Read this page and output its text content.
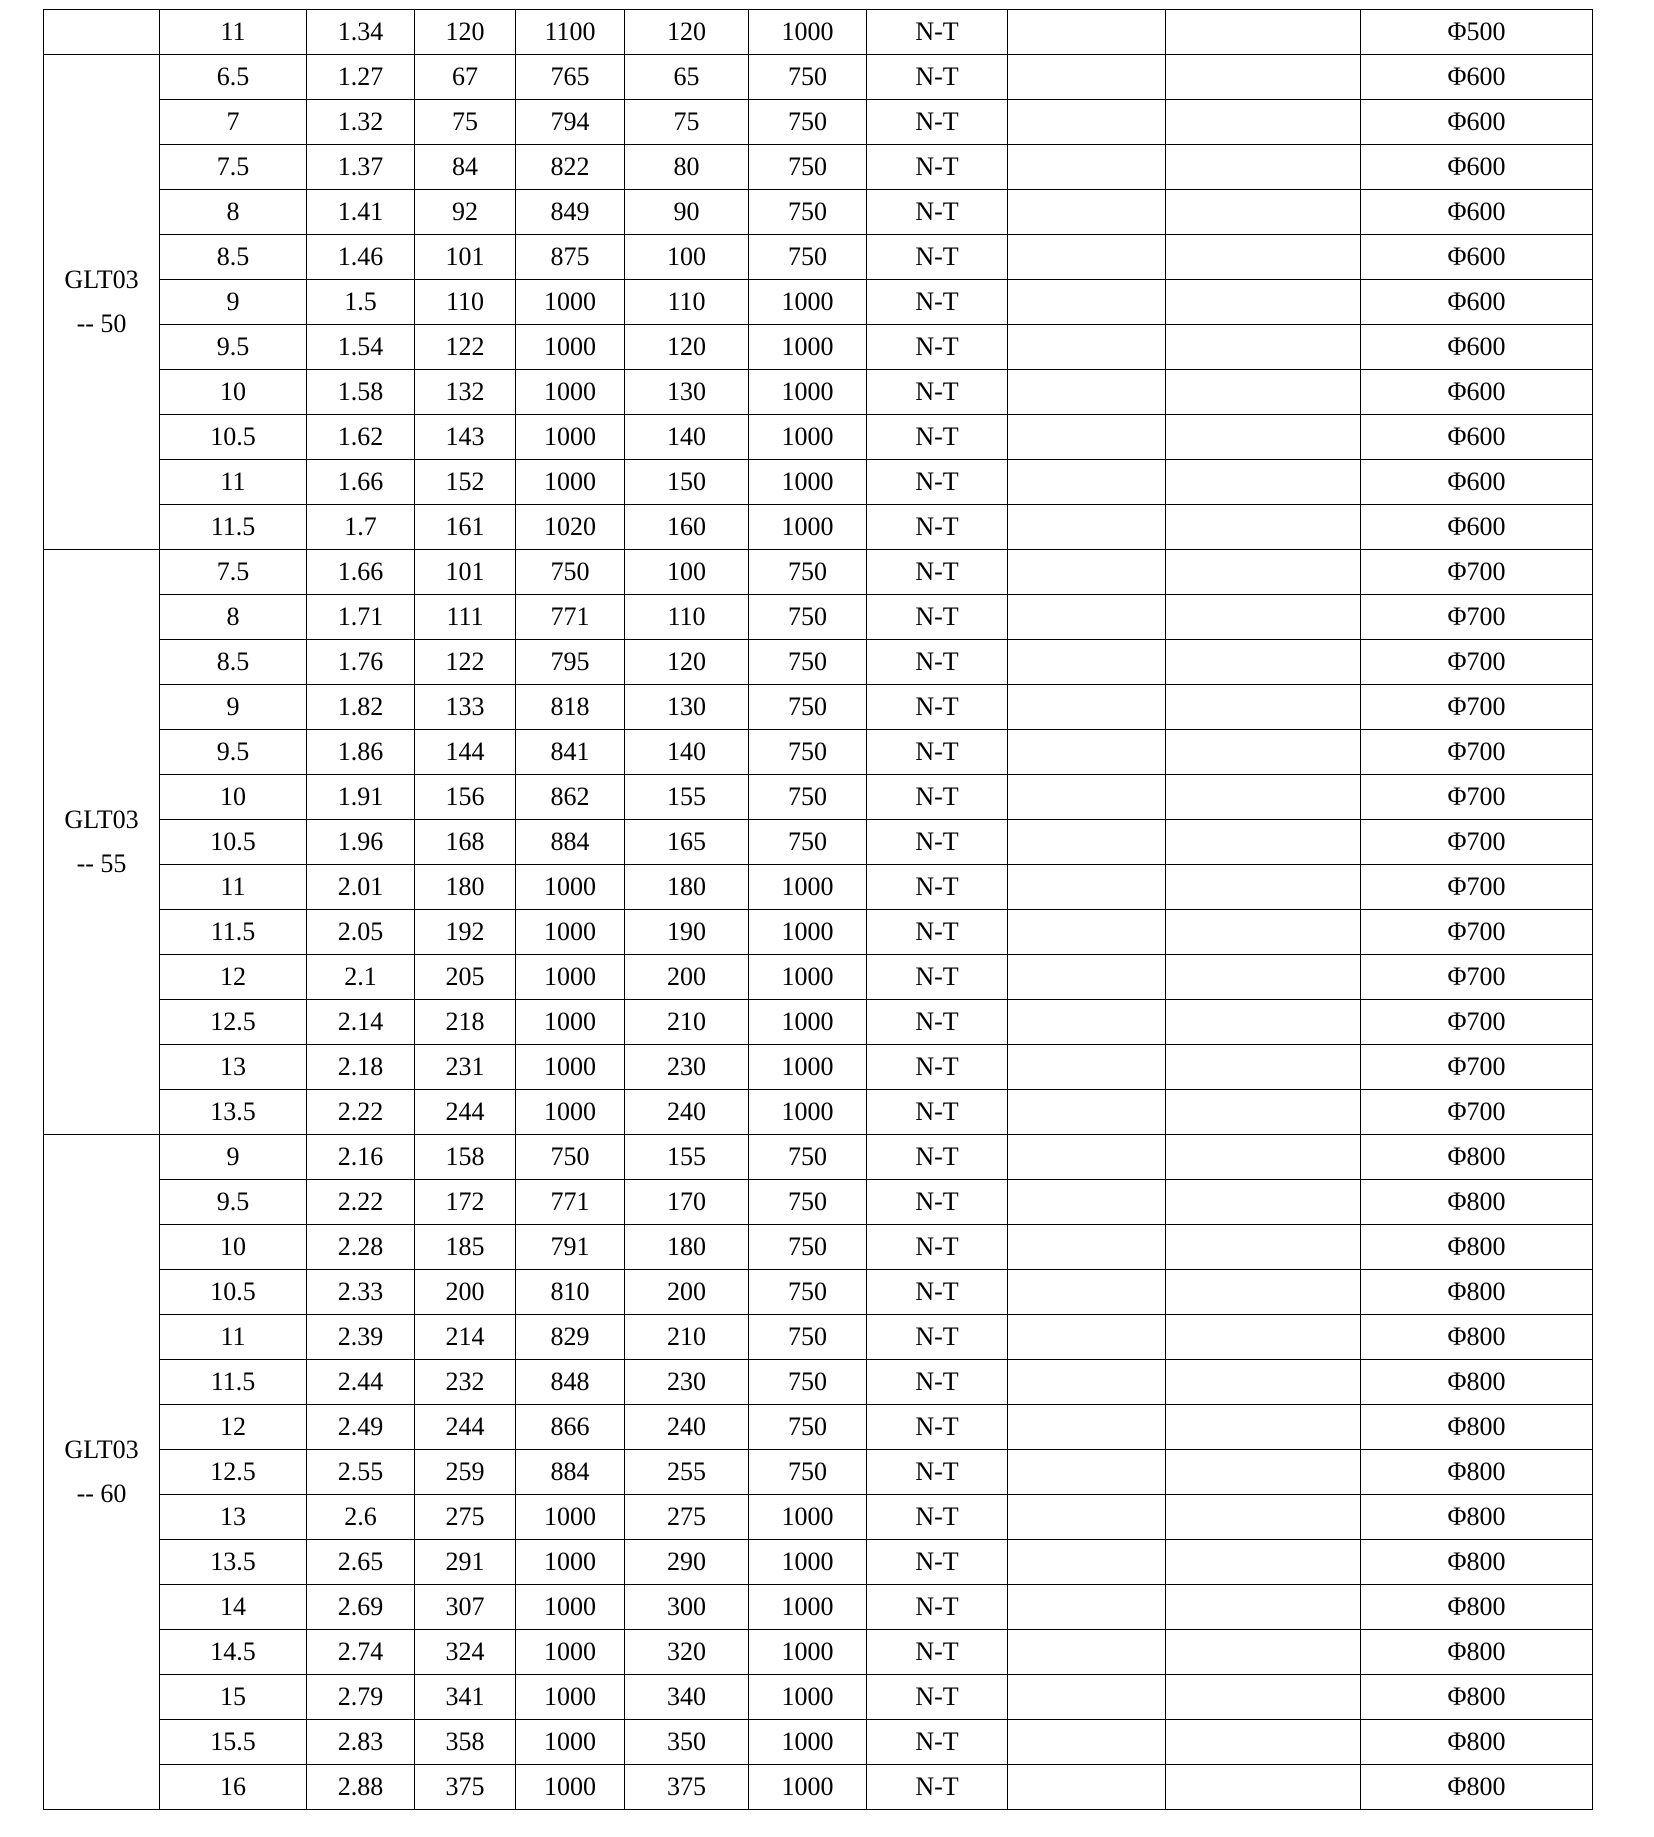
	11	1.34	120	1100	120	1000	N-T			Φ500

GLT03
-- 50	6.5	1.27	67	765	65	750	N-T			Φ600
	7	1.32	75	794	75	750	N-T			Φ600
	7.5	1.37	84	822	80	750	N-T			Φ600
	8	1.41	92	849	90	750	N-T			Φ600
	8.5	1.46	101	875	100	750	N-T			Φ600
	9	1.5	110	1000	110	1000	N-T			Φ600
	9.5	1.54	122	1000	120	1000	N-T			Φ600
	10	1.58	132	1000	130	1000	N-T			Φ600
	10.5	1.62	143	1000	140	1000	N-T			Φ600
	11	1.66	152	1000	150	1000	N-T			Φ600
	11.5	1.7	161	1020	160	1000	N-T			Φ600

GLT03
-- 55	7.5	1.66	101	750	100	750	N-T			Φ700
	8	1.71	111	771	110	750	N-T			Φ700
	8.5	1.76	122	795	120	750	N-T			Φ700
	9	1.82	133	818	130	750	N-T			Φ700
	9.5	1.86	144	841	140	750	N-T			Φ700
	10	1.91	156	862	155	750	N-T			Φ700
	10.5	1.96	168	884	165	750	N-T			Φ700
	11	2.01	180	1000	180	1000	N-T			Φ700
	11.5	2.05	192	1000	190	1000	N-T			Φ700
	12	2.1	205	1000	200	1000	N-T			Φ700
	12.5	2.14	218	1000	210	1000	N-T			Φ700
	13	2.18	231	1000	230	1000	N-T			Φ700
	13.5	2.22	244	1000	240	1000	N-T			Φ700

GLT03
-- 60	9	2.16	158	750	155	750	N-T			Φ800
	9.5	2.22	172	771	170	750	N-T			Φ800
	10	2.28	185	791	180	750	N-T			Φ800
	10.5	2.33	200	810	200	750	N-T			Φ800
	11	2.39	214	829	210	750	N-T			Φ800
	11.5	2.44	232	848	230	750	N-T			Φ800
	12	2.49	244	866	240	750	N-T			Φ800
	12.5	2.55	259	884	255	750	N-T			Φ800
	13	2.6	275	1000	275	1000	N-T			Φ800
	13.5	2.65	291	1000	290	1000	N-T			Φ800
	14	2.69	307	1000	300	1000	N-T			Φ800
	14.5	2.74	324	1000	320	1000	N-T			Φ800
	15	2.79	341	1000	340	1000	N-T			Φ800
	15.5	2.83	358	1000	350	1000	N-T			Φ800
	16	2.88	375	1000	375	1000	N-T			Φ800
